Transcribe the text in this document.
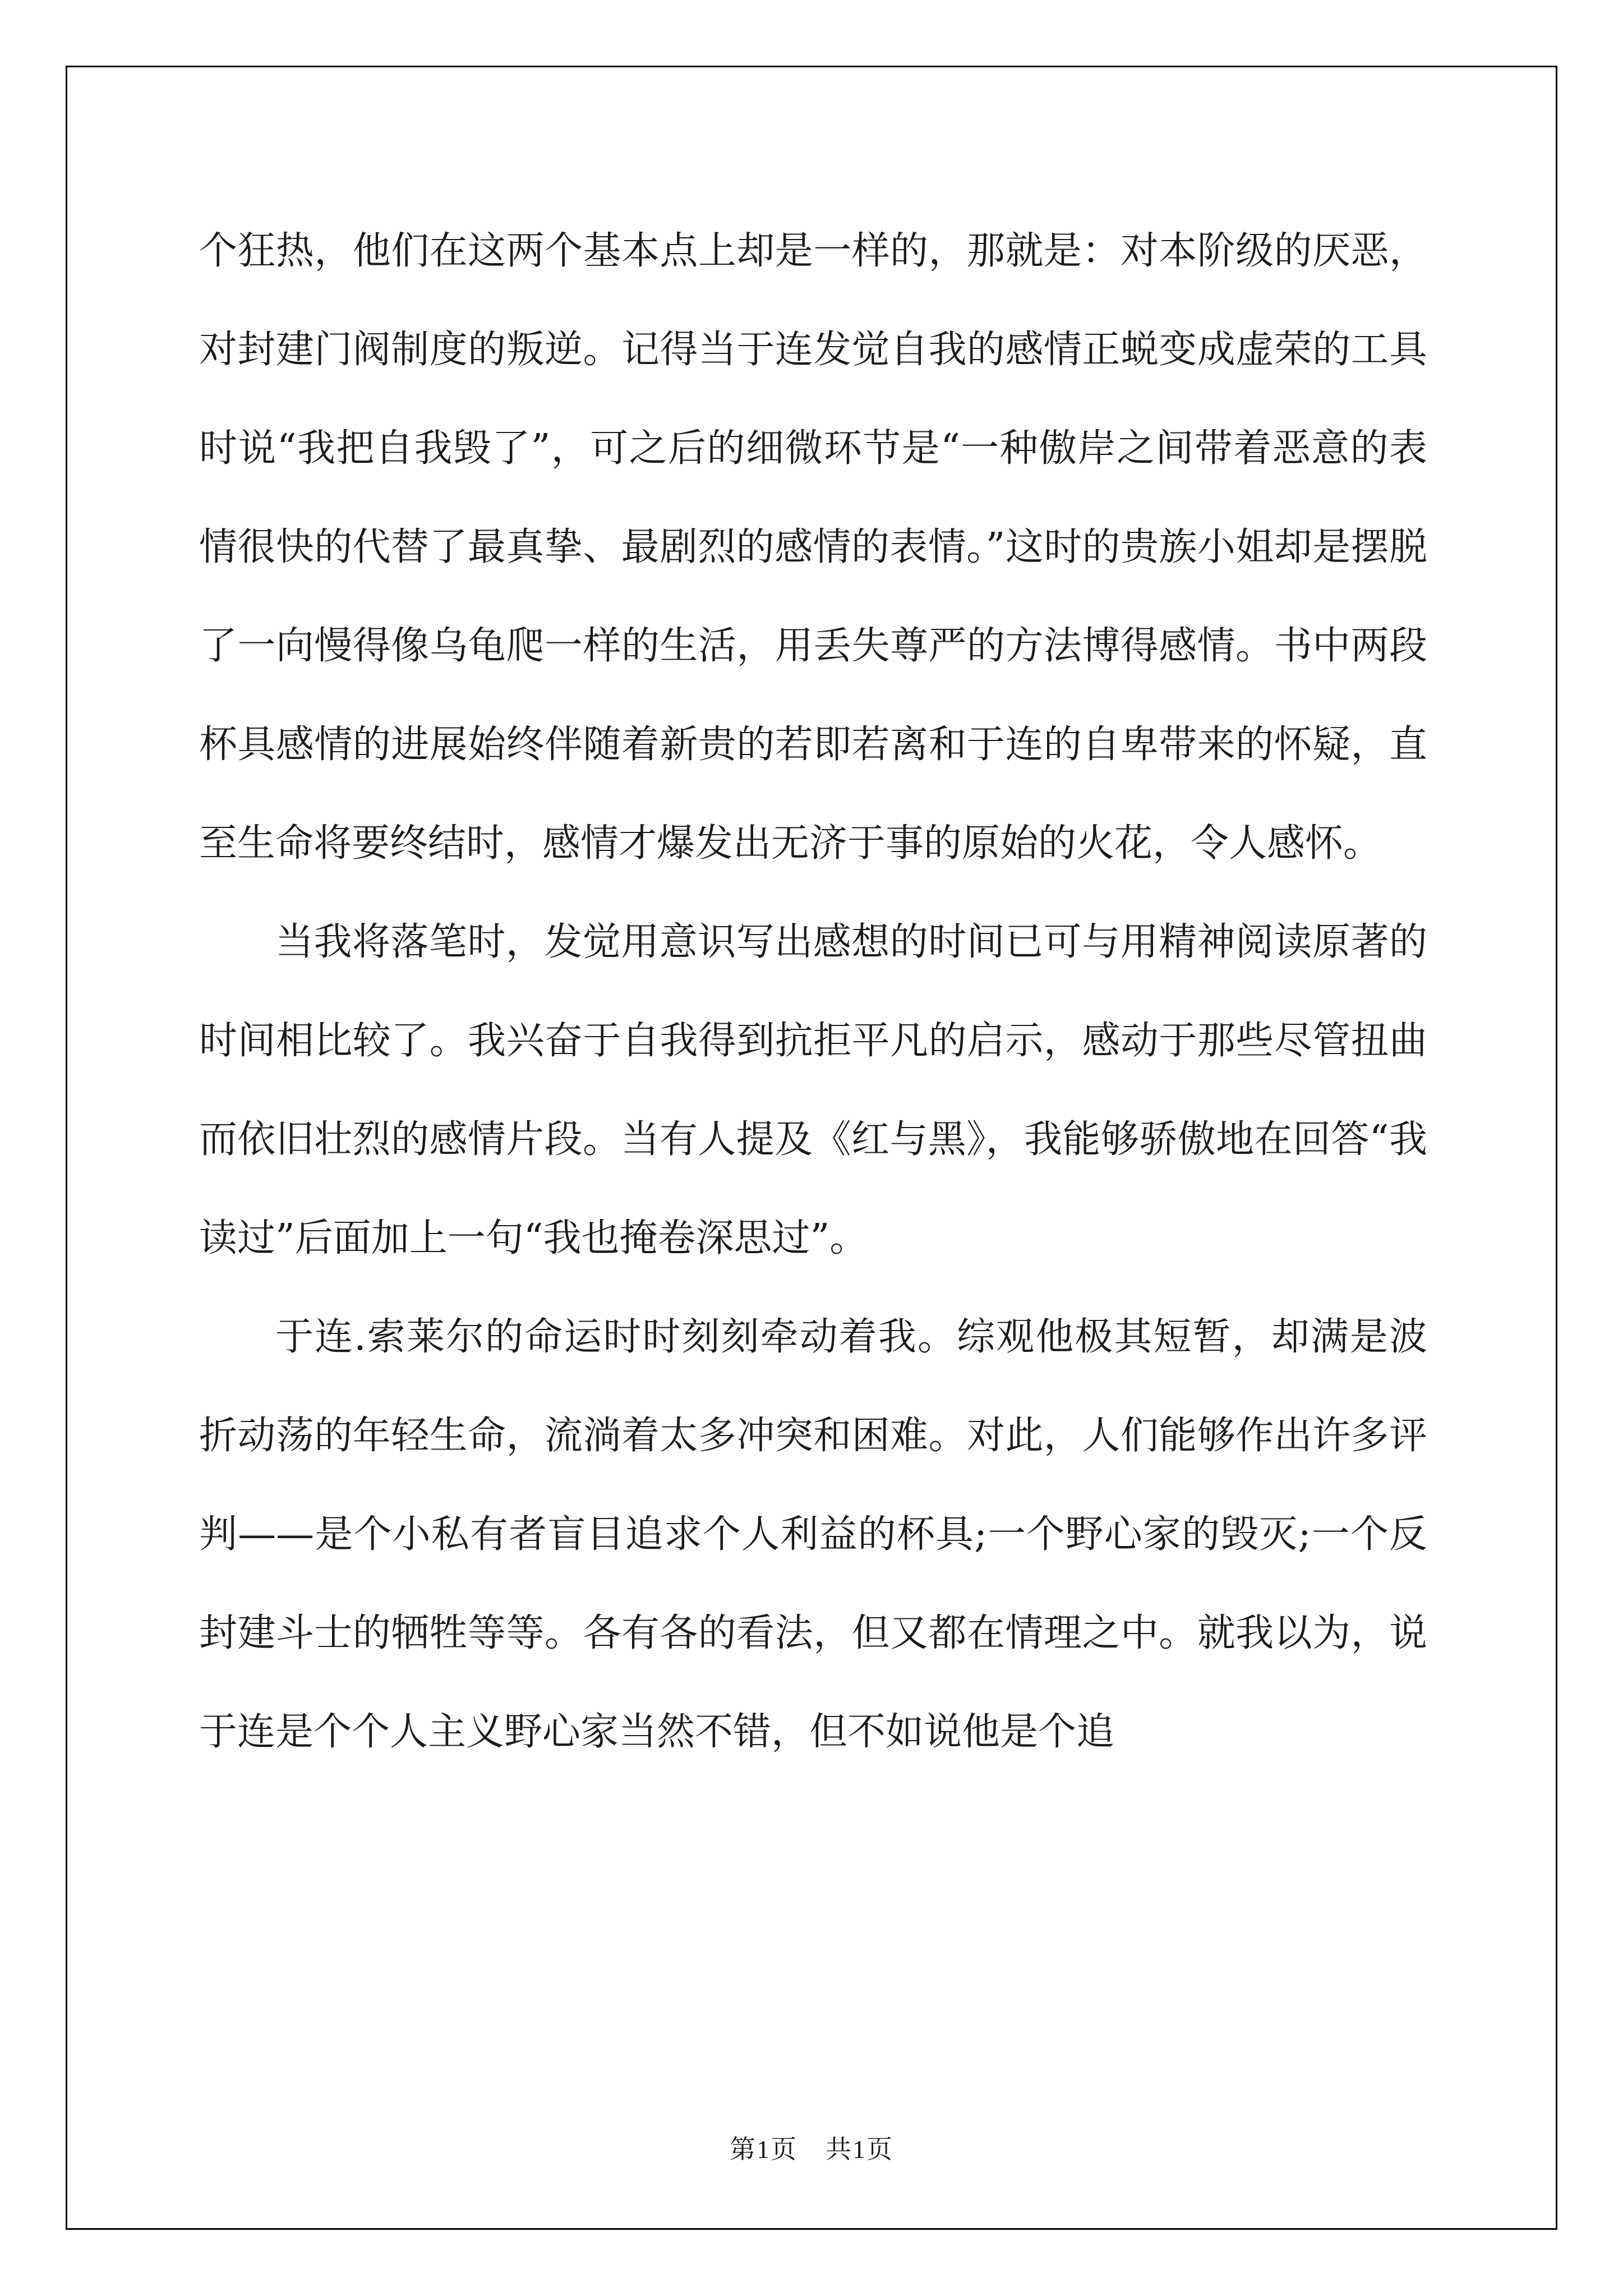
个狂热，他们在这两个基本点上却是一样的，那就是：对本阶级的厌恶，对封建门阀制度的叛逆。记得当于连发觉自我的感情正蜕变成虚荣的工具时说“我把自我毁了”，可之后的细微环节是“一种傲岸之间带着恶意的表情很快的代替了最真挚、最剧烈的感情的表情。”这时的贵族小姐却是摆脱了一向慢得像乌龟爬一样的生活，用丢失尊严的方法博得感情。书中两段杯具感情的进展始终伴随着新贵的若即若离和于连的自卑带来的怀疑，直至生命将要终结时，感情才爆发出无济于事的原始的火花，令人感怀。

当我将落笔时，发觉用意识写出感想的时间已可与用精神阅读原著的时间相比较了。我兴奋于自我得到抗拒平凡的启示，感动于那些尽管扭曲而依旧壮烈的感情片段。当有人提及《红与黑》，我能够骄傲地在回答“我读过”后面加上一句“我也掩卷深思过”。

于连.索莱尔的命运时时刻刻牵动着我。综观他极其短暂，却满是波折动荡的年轻生命，流淌着太多冲突和困难。对此，人们能够作出许多评判——是个小私有者盲目追求个人利益的杯具;一个野心家的毁灭;一个反封建斗士的牺牲等等。各有各的看法，但又都在情理之中。就我以为，说于连是个个人主义野心家当然不错，但不如说他是个追

第1页 共1页
